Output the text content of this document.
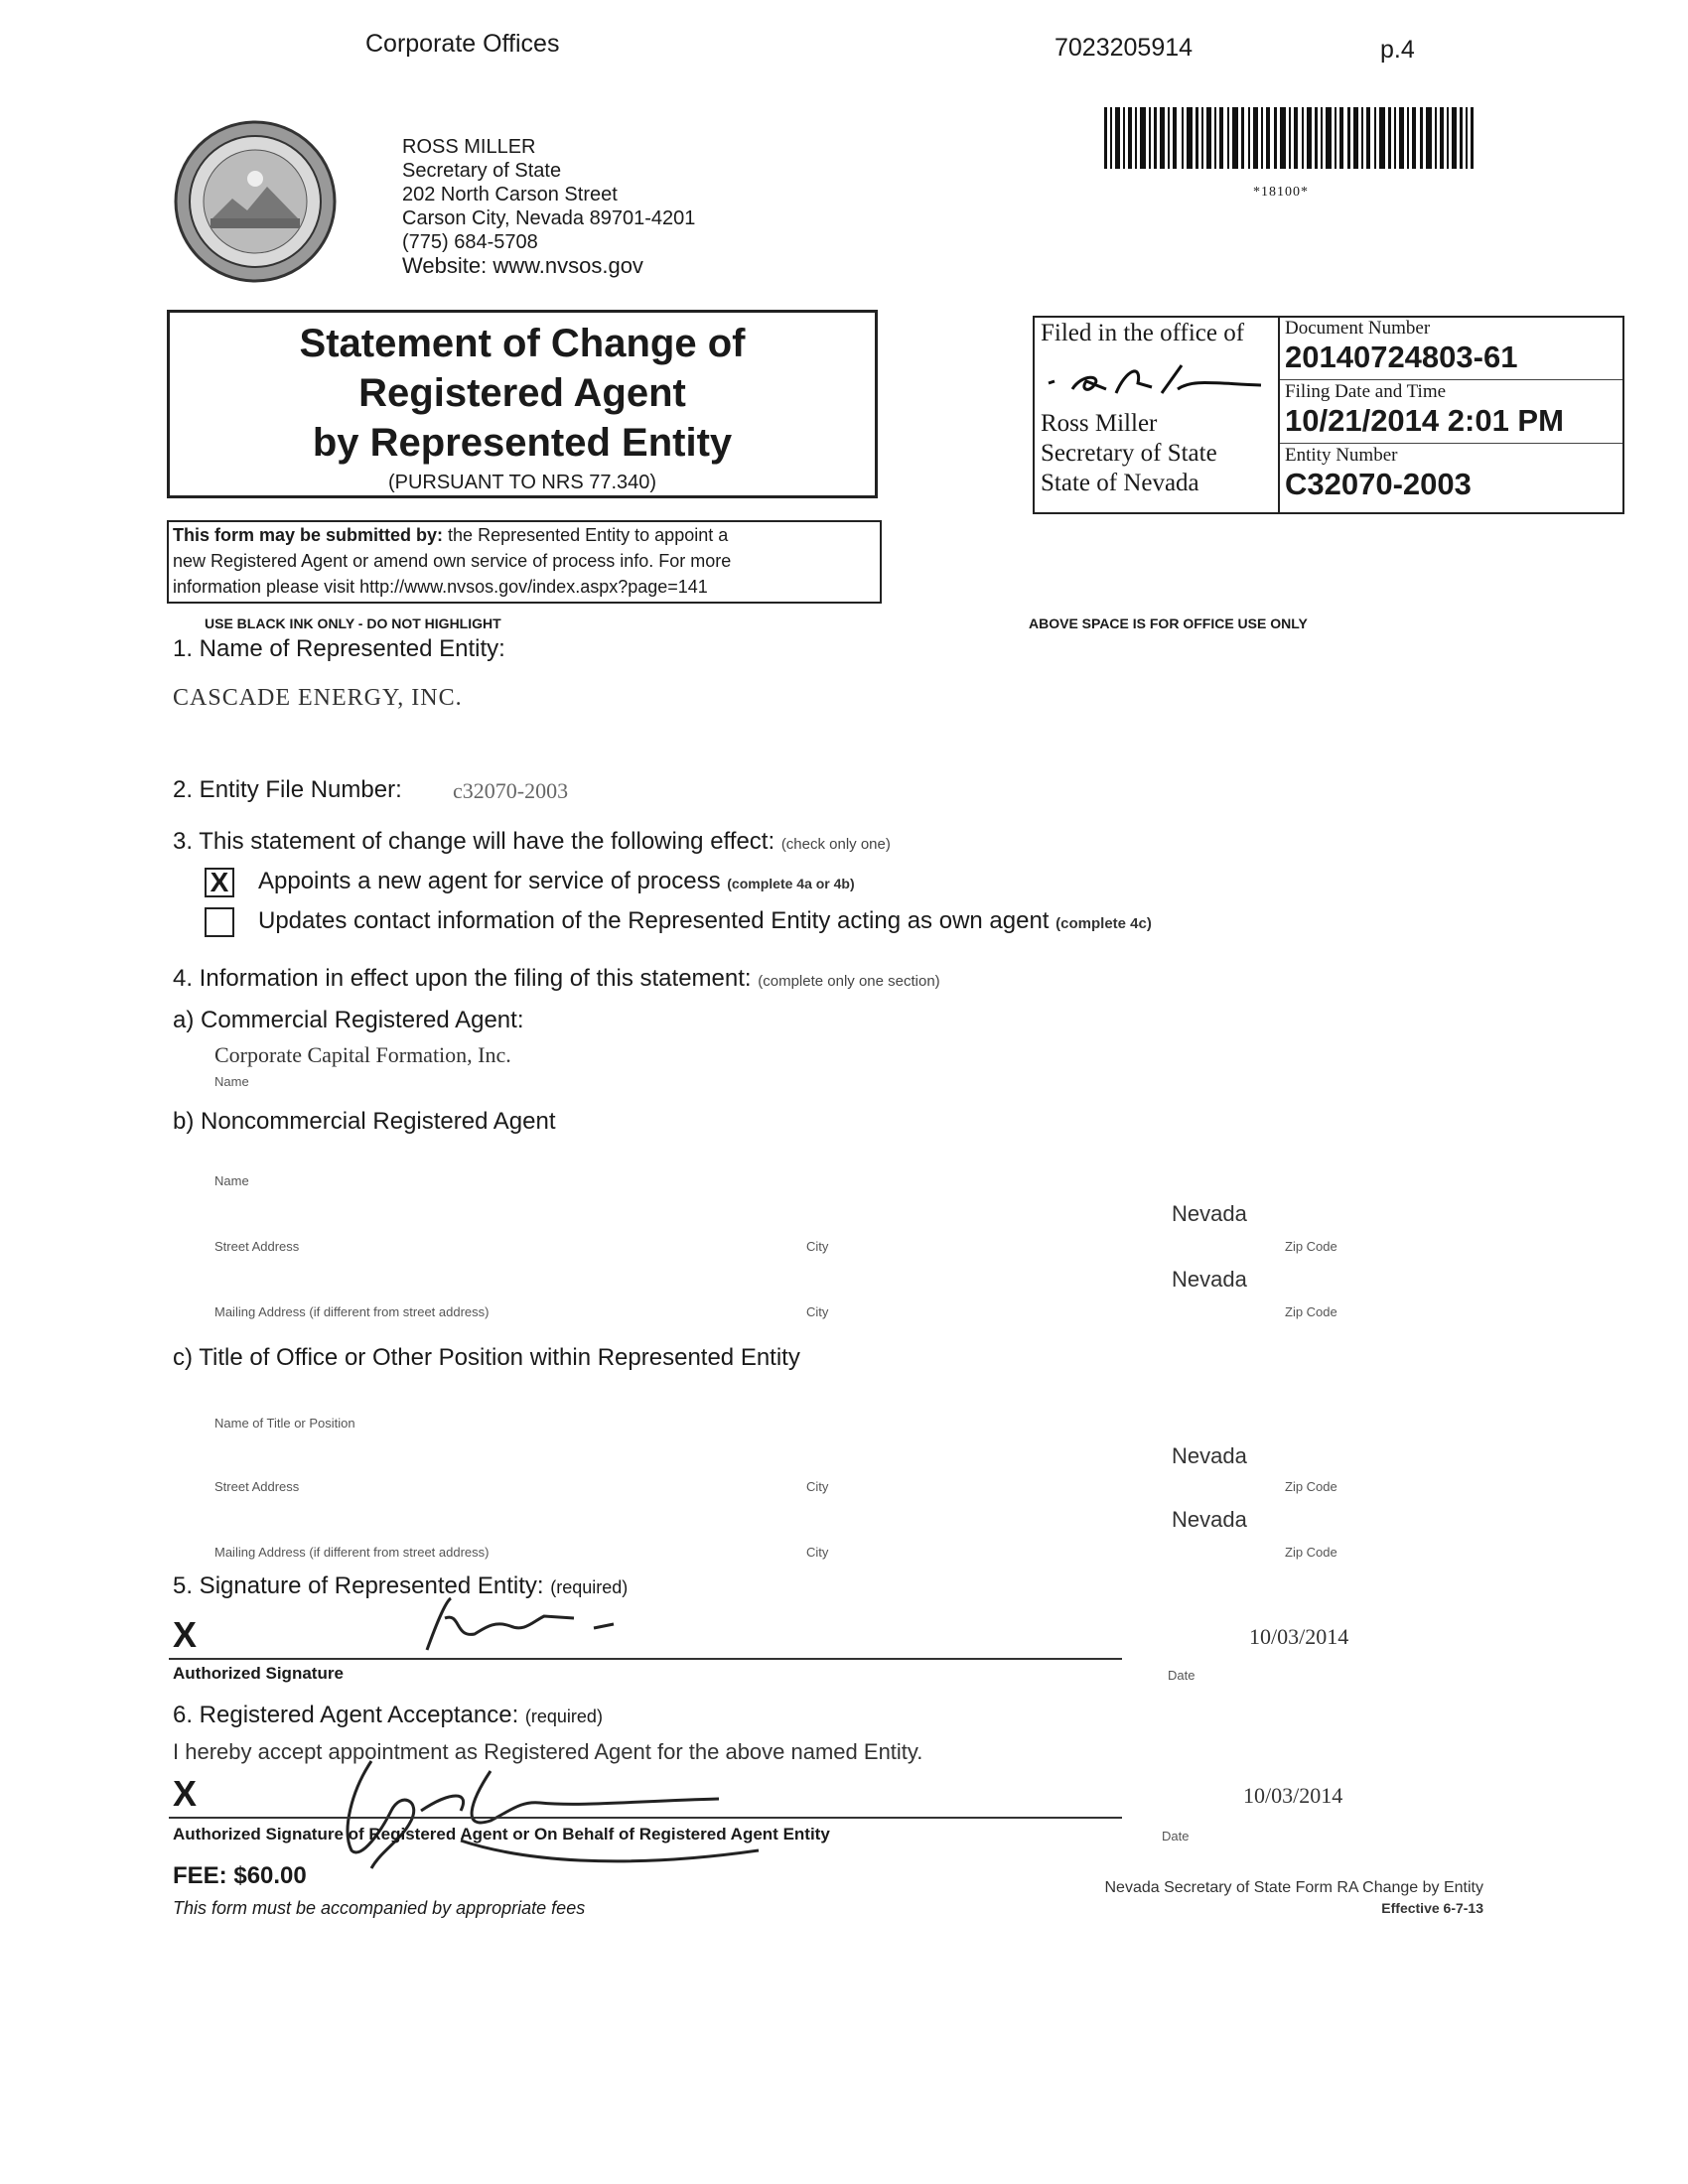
Corporate Offices	7023205914	p.4
*18100*
ROSS MILLER
Secretary of State
202 North Carson Street
Carson City, Nevada 89701-4201
(775) 684-5708
Website: www.nvsos.gov
Statement of Change of
Registered Agent
by Represented Entity
(PURSUANT TO NRS 77.340)
This form may be submitted by: the Represented Entity to appoint a
new Registered Agent or amend own service of process info. For more
information please visit http://www.nvsos.gov/index.aspx?page=141
Filed in the office of
Ross Miller
Secretary of State
State of Nevada
Document Number
20140724803-61
Filing Date and Time
10/21/2014 2:01 PM
Entity Number
C32070-2003
USE BLACK INK ONLY - DO NOT HIGHLIGHT	ABOVE SPACE IS FOR OFFICE USE ONLY
1. Name of Represented Entity:
CASCADE ENERGY, INC.
2. Entity File Number: c32070-2003
3. This statement of change will have the following effect: (check only one)
X Appoints a new agent for service of process (complete 4a or 4b)
Updates contact information of the Represented Entity acting as own agent (complete 4c)
4. Information in effect upon the filing of this statement: (complete only one section)
a) Commercial Registered Agent:
Corporate Capital Formation, Inc.
Name
b) Noncommercial Registered Agent
Name
Nevada
Street Address	City	Zip Code
Nevada
Mailing Address (if different from street address)	City	Zip Code
c) Title of Office or Other Position within Represented Entity
Name of Title or Position
Nevada
Street Address	City	Zip Code
Nevada
Mailing Address (if different from street address)	City	Zip Code
5. Signature of Represented Entity: (required)
X
Authorized Signature
10/03/2014
Date
6. Registered Agent Acceptance: (required)
I hereby accept appointment as Registered Agent for the above named Entity.
X
Authorized Signature of Registered Agent or On Behalf of Registered Agent Entity
10/03/2014
Date
FEE: $60.00
This form must be accompanied by appropriate fees
Nevada Secretary of State Form RA Change by Entity
Effective 6-7-13
